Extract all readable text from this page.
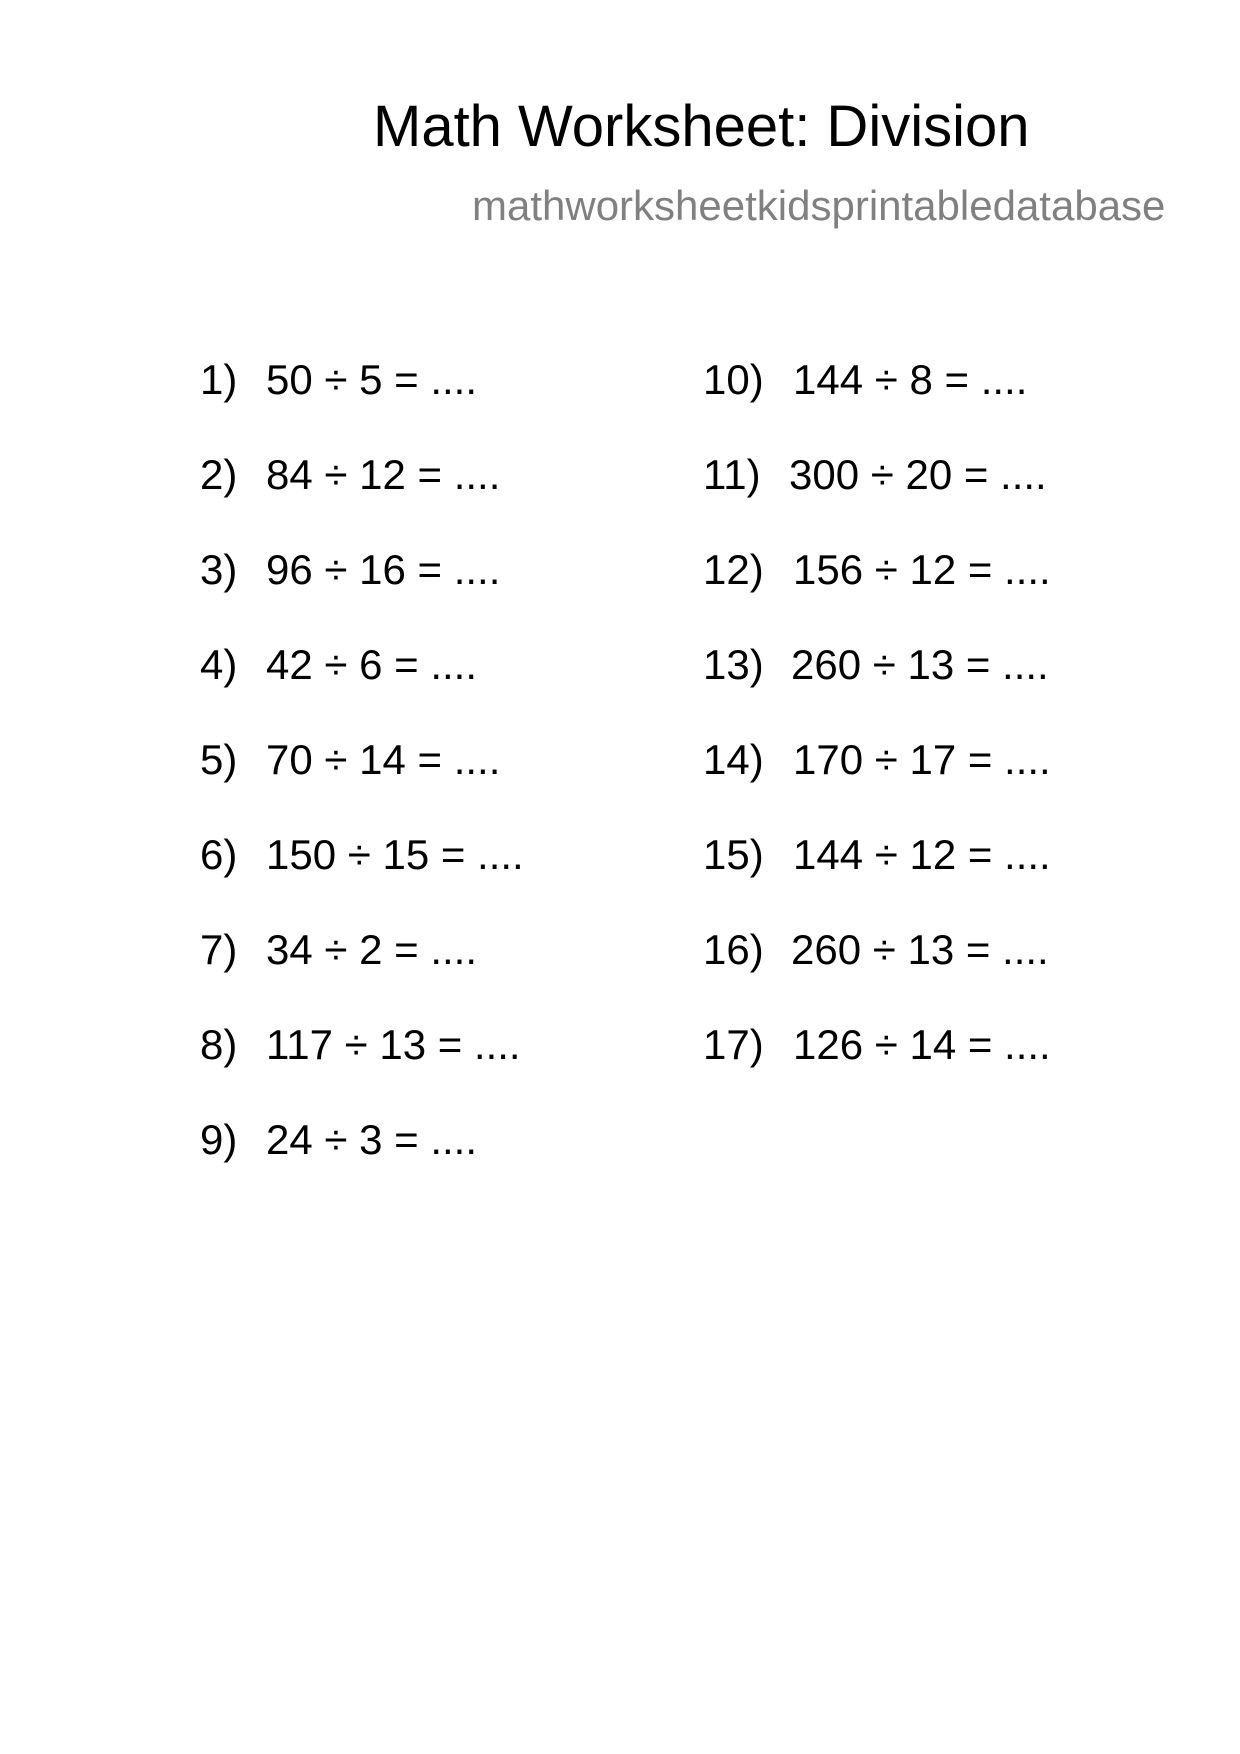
Math Worksheet: Division
mathworksheetkidsprintabledatabase
1) 50 ÷ 5 = ....
2) 84 ÷ 12 = ....
3) 96 ÷ 16 = ....
4) 42 ÷ 6 = ....
5) 70 ÷ 14 = ....
6) 150 ÷ 15 = ....
7) 34 ÷ 2 = ....
8) 117 ÷ 13 = ....
9) 24 ÷ 3 = ....
10) 144 ÷ 8 = ....
11) 300 ÷ 20 = ....
12) 156 ÷ 12 = ....
13) 260 ÷ 13 = ....
14) 170 ÷ 17 = ....
15) 144 ÷ 12 = ....
16) 260 ÷ 13 = ....
17) 126 ÷ 14 = ....
